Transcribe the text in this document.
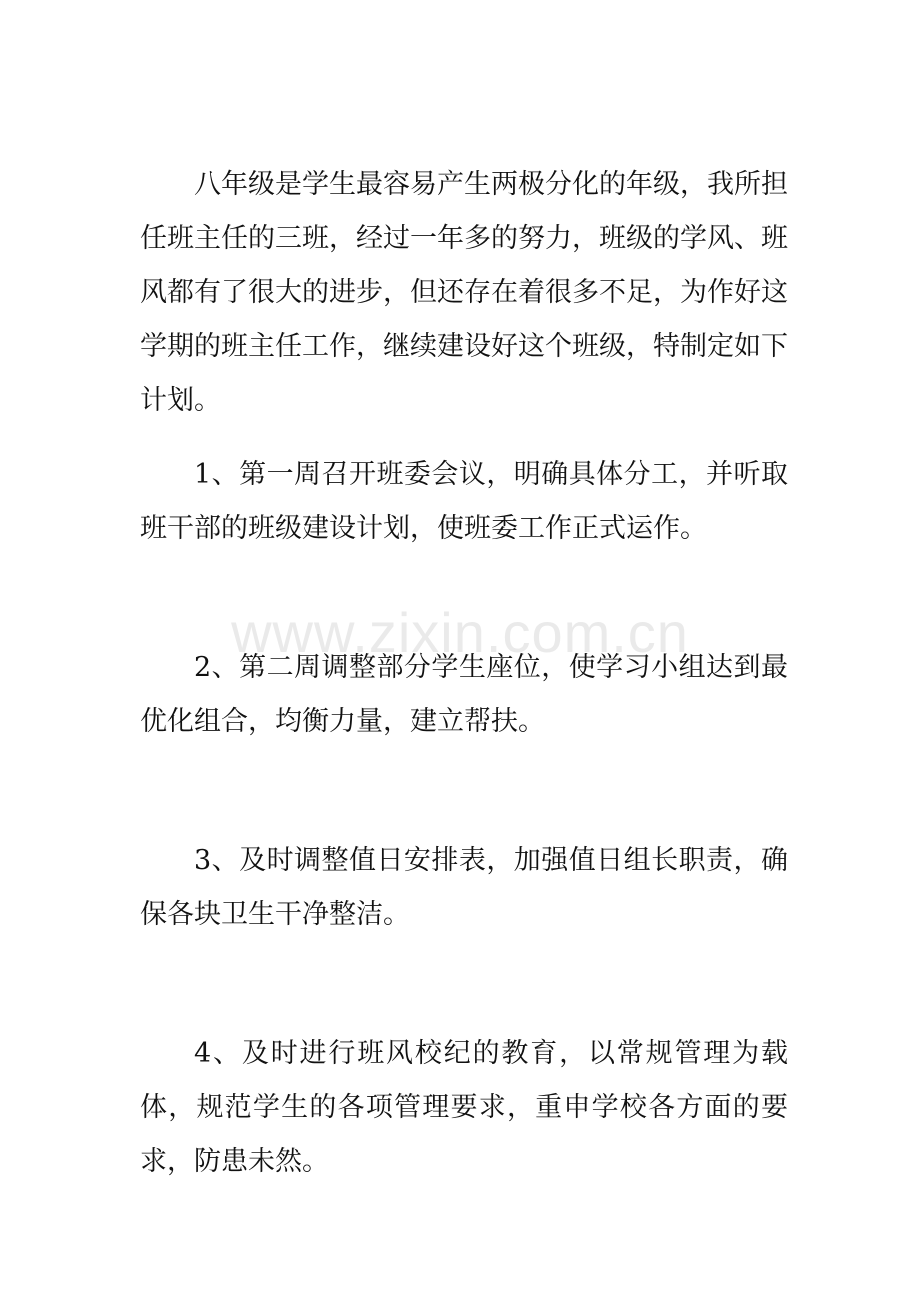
八年级是学生最容易产生两极分化的年级，我所担任班主任的三班，经过一年多的努力，班级的学风、班风都有了很大的进步，但还存在着很多不足，为作好这学期的班主任工作，继续建设好这个班级，特制定如下计划。

1、第一周召开班委会议，明确具体分工，并听取班干部的班级建设计划，使班委工作正式运作。

www.zixin.com.cn

2、第二周调整部分学生座位，使学习小组达到最优化组合，均衡力量，建立帮扶。

3、及时调整值日安排表，加强值日组长职责，确保各块卫生干净整洁。

4、及时进行班风校纪的教育，以常规管理为载体，规范学生的各项管理要求，重申学校各方面的要求，防患未然。
